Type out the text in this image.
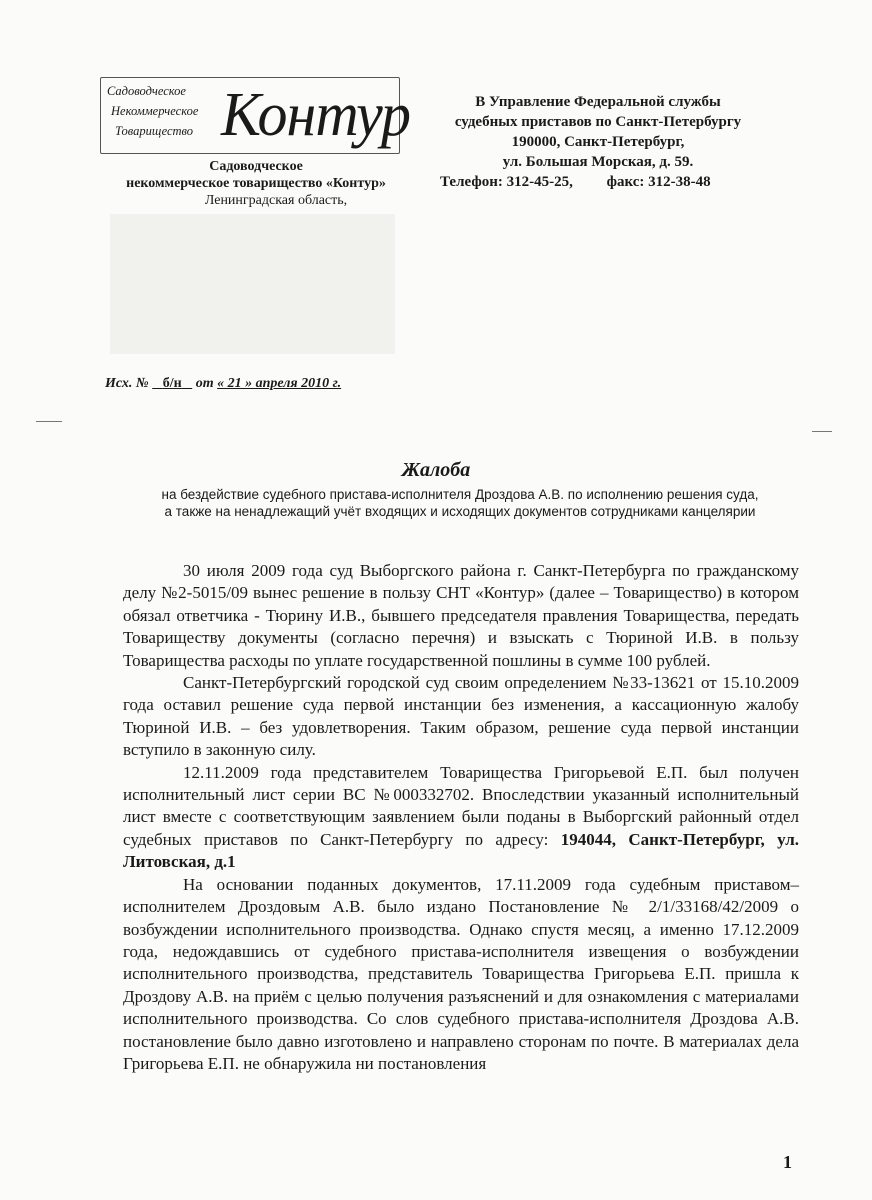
Садоводческое
Некоммерческое
Товарищество Контур
Садоводческое
некоммерческое товарищество «Контур»
Ленинградская область,
В Управление Федеральной службы
судебных приставов по Санкт-Петербургу
190000, Санкт-Петербург,
ул. Большая Морская, д. 59.
Телефон: 312-45-25,         факс: 312-38-48
Исх. № б/н от « 21 » апреля 2010 г.
Жалоба
на бездействие судебного пристава-исполнителя Дроздова А.В. по исполнению решения суда,
а также на ненадлежащий учёт входящих и исходящих документов сотрудниками канцелярии

30 июля 2009 года суд Выборгского района г. Санкт-Петербурга по гражданскому делу №2-5015/09 вынес решение в пользу СНТ «Контур» (далее – Товарищество) в котором обязал ответчика - Тюрину И.В., бывшего председателя правления Товарищества, передать Товариществу документы (согласно перечня) и взыскать с Тюриной И.В. в пользу Товарищества расходы по уплате государственной пошлины в сумме 100 рублей.

Санкт-Петербургский городской суд своим определением №33-13621 от 15.10.2009 года оставил решение суда первой инстанции без изменения, а кассационную жалобу Тюриной И.В. – без удовлетворения. Таким образом, решение суда первой инстанции вступило в законную силу.

12.11.2009 года представителем Товарищества Григорьевой Е.П. был получен исполнительный лист серии ВС №000332702. Впоследствии указанный исполнительный лист вместе с соответствующим заявлением были поданы в Выборгский районный отдел судебных приставов по Санкт-Петербургу по адресу: 194044, Санкт-Петербург, ул. Литовская, д.1

На основании поданных документов, 17.11.2009 года судебным приставом–исполнителем Дроздовым А.В. было издано Постановление № 2/1/33168/42/2009 о возбуждении исполнительного производства. Однако спустя месяц, а именно 17.12.2009 года, недождавшись от судебного пристава-исполнителя извещения о возбуждении исполнительного производства, представитель Товарищества Григорьева Е.П. пришла к Дроздову А.В. на приём с целью получения разъяснений и для ознакомления с материалами исполнительного производства. Со слов судебного пристава-исполнителя Дроздова А.В. постановление было давно изготовлено и направлено сторонам по почте. В материалах дела Григорьева Е.П. не обнаружила ни постановления

1
